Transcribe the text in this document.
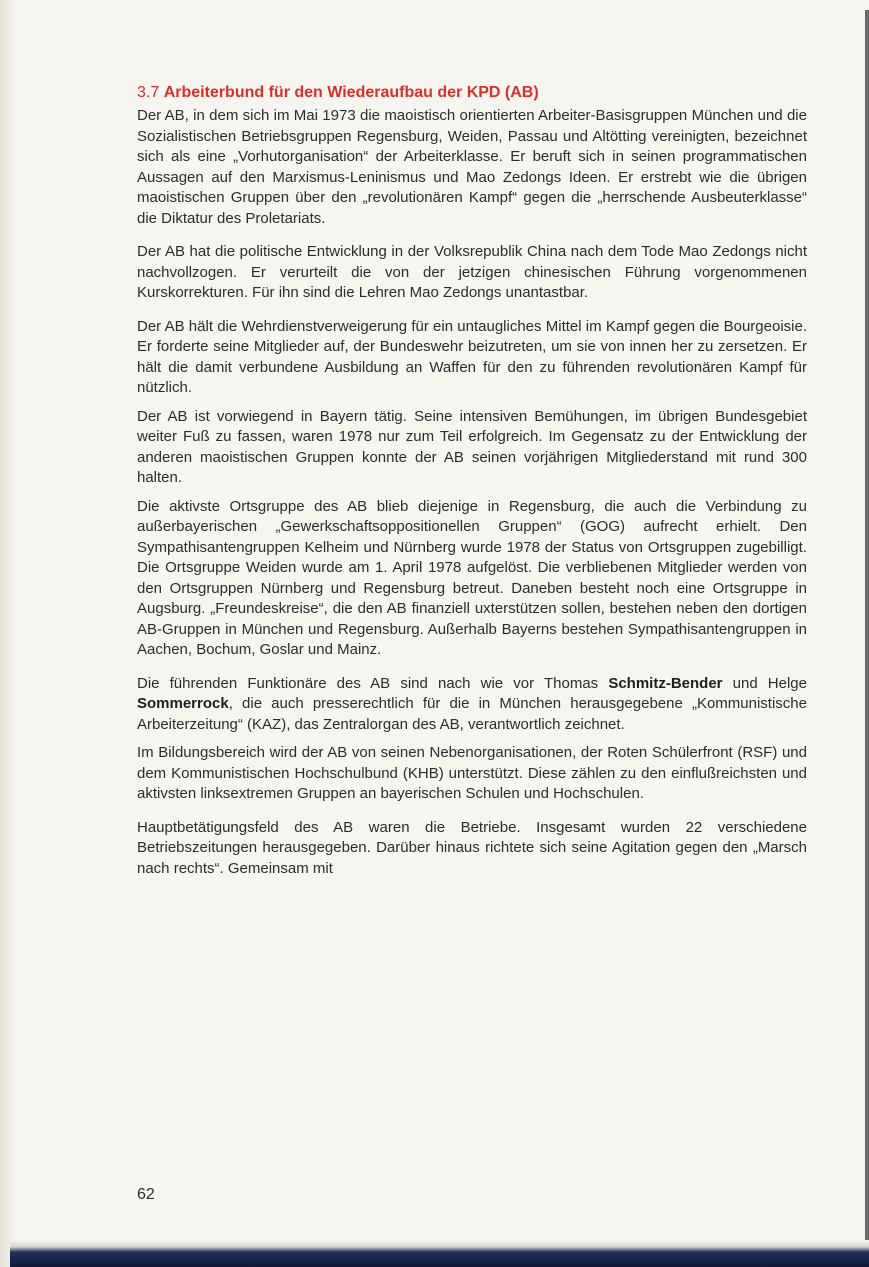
3.7 Arbeiterbund für den Wiederaufbau der KPD (AB)

Der AB, in dem sich im Mai 1973 die maoistisch orientierten Arbeiter-Basisgruppen München und die Sozialistischen Betriebsgruppen Regensburg, Weiden, Passau und Altötting vereinigten, bezeichnet sich als eine „Vorhutorganisation“ der Arbeiterklasse. Er beruft sich in seinen programmatischen Aussagen auf den Marxismus-Leninismus und Mao Zedongs Ideen. Er erstrebt wie die übrigen maoistischen Gruppen über den „revolutionären Kampf“ gegen die „herrschende Ausbeuterklasse“ die Diktatur des Proletariats.

Der AB hat die politische Entwicklung in der Volksrepublik China nach dem Tode Mao Zedongs nicht nachvollzogen. Er verurteilt die von der jetzigen chinesischen Führung vorgenommenen Kurskorrekturen. Für ihn sind die Lehren Mao Zedongs unantastbar.

Der AB hält die Wehrdienstverweigerung für ein untaugliches Mittel im Kampf gegen die Bourgeoisie. Er forderte seine Mitglieder auf, der Bundeswehr beizutreten, um sie von innen her zu zersetzen. Er hält die damit verbundene Ausbildung an Waffen für den zu führenden revolutionären Kampf für nützlich.

Der AB ist vorwiegend in Bayern tätig. Seine intensiven Bemühungen, im übrigen Bundesgebiet weiter Fuß zu fassen, waren 1978 nur zum Teil erfolgreich. Im Gegensatz zu der Entwicklung der anderen maoistischen Gruppen konnte der AB seinen vorjährigen Mitgliederstand mit rund 300 halten.

Die aktivste Ortsgruppe des AB blieb diejenige in Regensburg, die auch die Verbindung zu außerbayerischen „Gewerkschaftsoppositionellen Gruppen“ (GOG) aufrecht erhielt. Den Sympathisantengruppen Kelheim und Nürnberg wurde 1978 der Status von Ortsgruppen zugebilligt. Die Ortsgruppe Weiden wurde am 1. April 1978 aufgelöst. Die verbliebenen Mitglieder werden von den Ortsgruppen Nürnberg und Regensburg betreut. Daneben besteht noch eine Ortsgruppe in Augsburg. „Freundeskreise“, die den AB finanziell uxterstützen sollen, bestehen neben den dortigen AB-Gruppen in München und Regensburg. Außerhalb Bayerns bestehen Sympathisantengruppen in Aachen, Bochum, Goslar und Mainz.

Die führenden Funktionäre des AB sind nach wie vor Thomas Schmitz-Bender und Helge Sommerrock, die auch presserechtlich für die in München herausgegebene „Kommunistische Arbeiterzeitung“ (KAZ), das Zentralorgan des AB, verantwortlich zeichnet.

Im Bildungsbereich wird der AB von seinen Nebenorganisationen, der Roten Schülerfront (RSF) und dem Kommunistischen Hochschulbund (KHB) unterstützt. Diese zählen zu den einflußreichsten und aktivsten linksextremen Gruppen an bayerischen Schulen und Hochschulen.

Hauptbetätigungsfeld des AB waren die Betriebe. Insgesamt wurden 22 verschiedene Betriebszeitungen herausgegeben. Darüber hinaus richtete sich seine Agitation gegen den „Marsch nach rechts“. Gemeinsam mit

62
